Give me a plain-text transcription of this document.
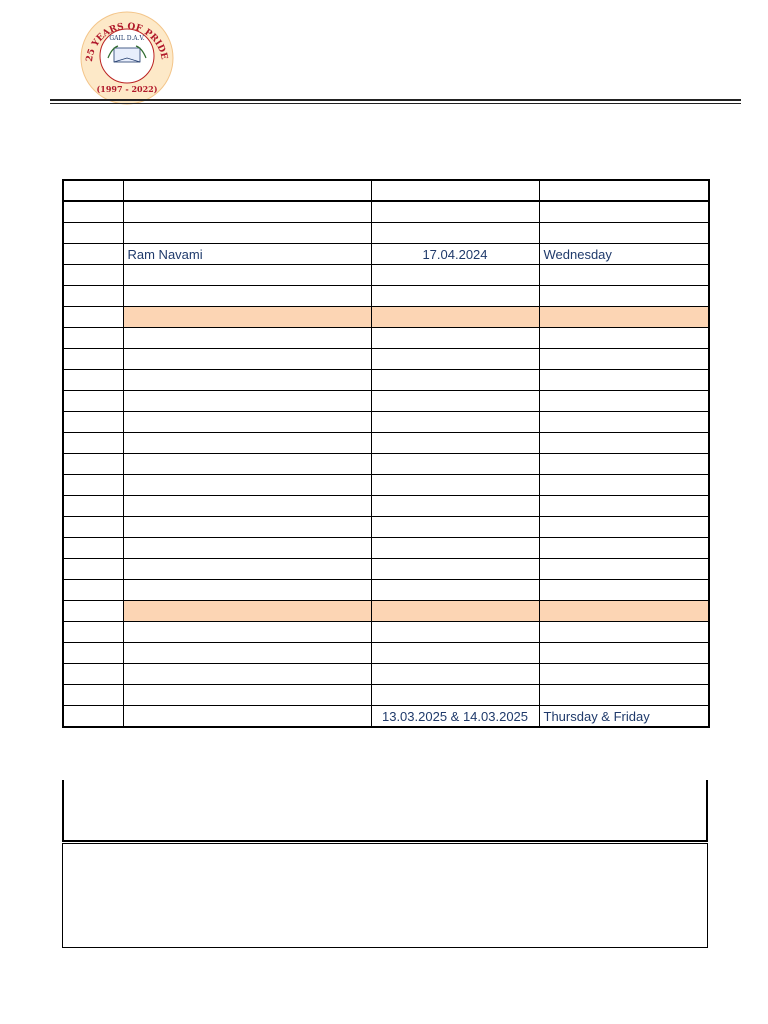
25 YEARS OF PRIDE
GAIL D.A.V.
(1997 - 2022)

	Ram Navami	17.04.2024	Wednesday

		13.03.2025 & 14.03.2025	Thursday & Friday
